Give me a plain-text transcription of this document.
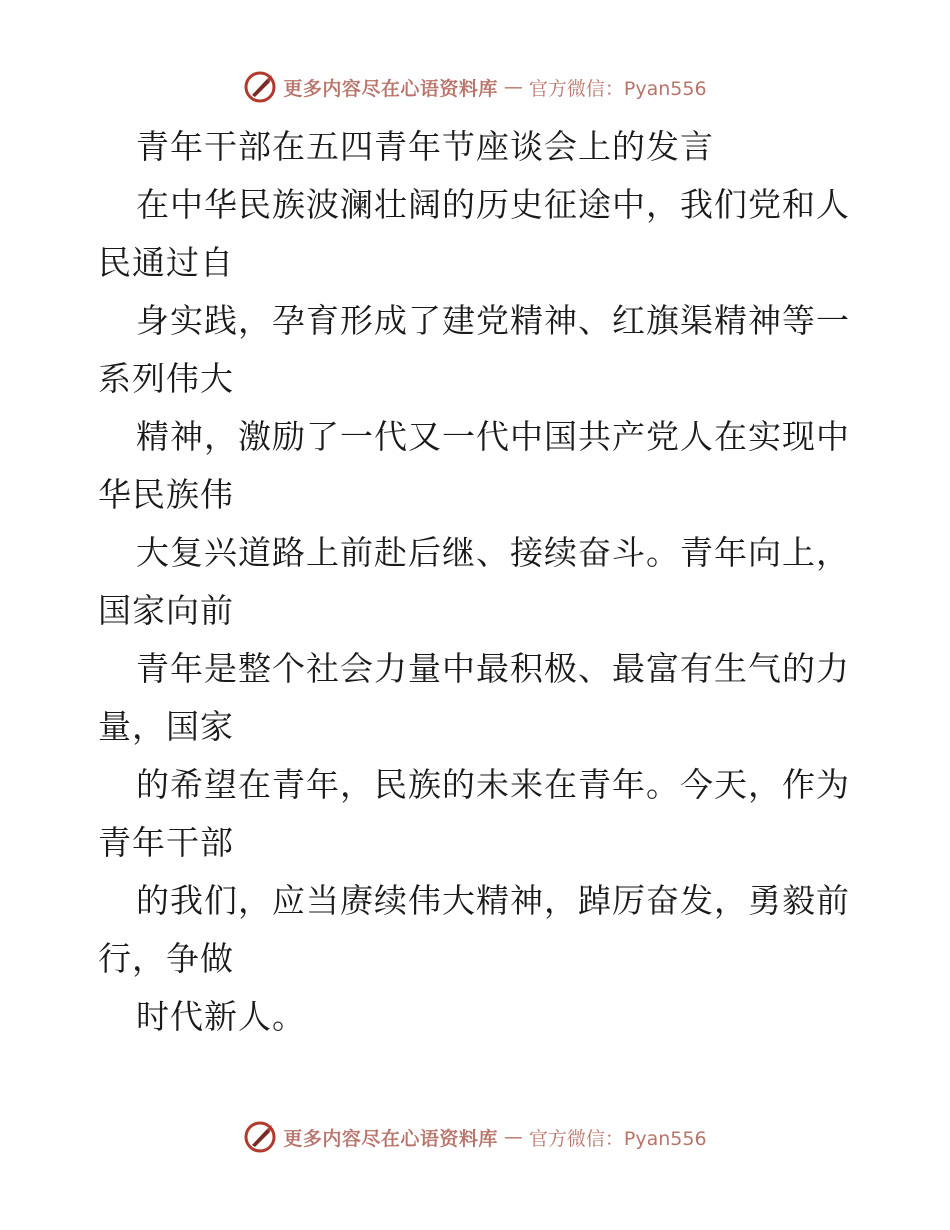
更多内容尽在心语资料库 — 官方微信：Pyan556
青年干部在五四青年节座谈会上的发言
在中华民族波澜壮阔的历史征途中，我们党和人
民通过自
身实践，孕育形成了建党精神、红旗渠精神等一
系列伟大
精神，激励了一代又一代中国共产党人在实现中
华民族伟
大复兴道路上前赴后继、接续奋斗。青年向上，
国家向前
青年是整个社会力量中最积极、最富有生气的力
量，国家
的希望在青年，民族的未来在青年。今天，作为
青年干部
的我们，应当赓续伟大精神，踔厉奋发，勇毅前
行，争做
时代新人。
更多内容尽在心语资料库 — 官方微信：Pyan556
